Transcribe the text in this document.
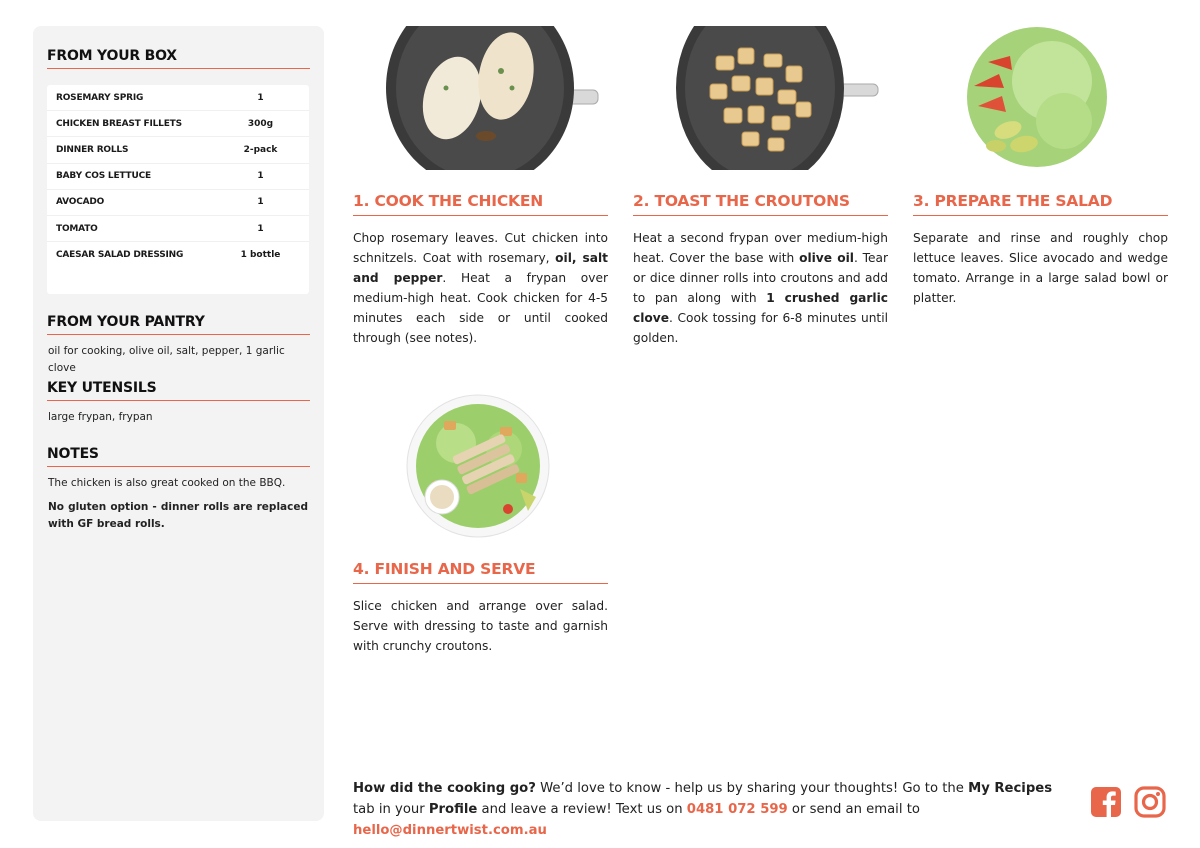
FROM YOUR BOX
ROSEMARY SPRIG	1
CHICKEN BREAST FILLETS	300g
DINNER ROLLS	2-pack
BABY COS LETTUCE	1
AVOCADO	1
TOMATO	1
CAESAR SALAD DRESSING	1 bottle
FROM YOUR PANTRY
oil for cooking, olive oil, salt, pepper, 1 garlic clove
KEY UTENSILS
large frypan, frypan
NOTES
The chicken is also great cooked on the BBQ.
No gluten option - dinner rolls are replaced with GF bread rolls.
1. COOK THE CHICKEN
Chop rosemary leaves. Cut chicken into schnitzels. Coat with rosemary, oil, salt and pepper. Heat a frypan over medium-high heat. Cook chicken for 4-5 minutes each side or until cooked through (see notes).
2. TOAST THE CROUTONS
Heat a second frypan over medium-high heat. Cover the base with olive oil. Tear or dice dinner rolls into croutons and add to pan along with 1 crushed garlic clove. Cook tossing for 6-8 minutes until golden.
3. PREPARE THE SALAD
Separate and rinse and roughly chop lettuce leaves. Slice avocado and wedge tomato. Arrange in a large salad bowl or platter.
4. FINISH AND SERVE
Slice chicken and arrange over salad. Serve with dressing to taste and garnish with crunchy croutons.
How did the cooking go? We’d love to know - help us by sharing your thoughts! Go to the My Recipes tab in your Profile and leave a review! Text us on 0481 072 599 or send an email to hello@dinnertwist.com.au
